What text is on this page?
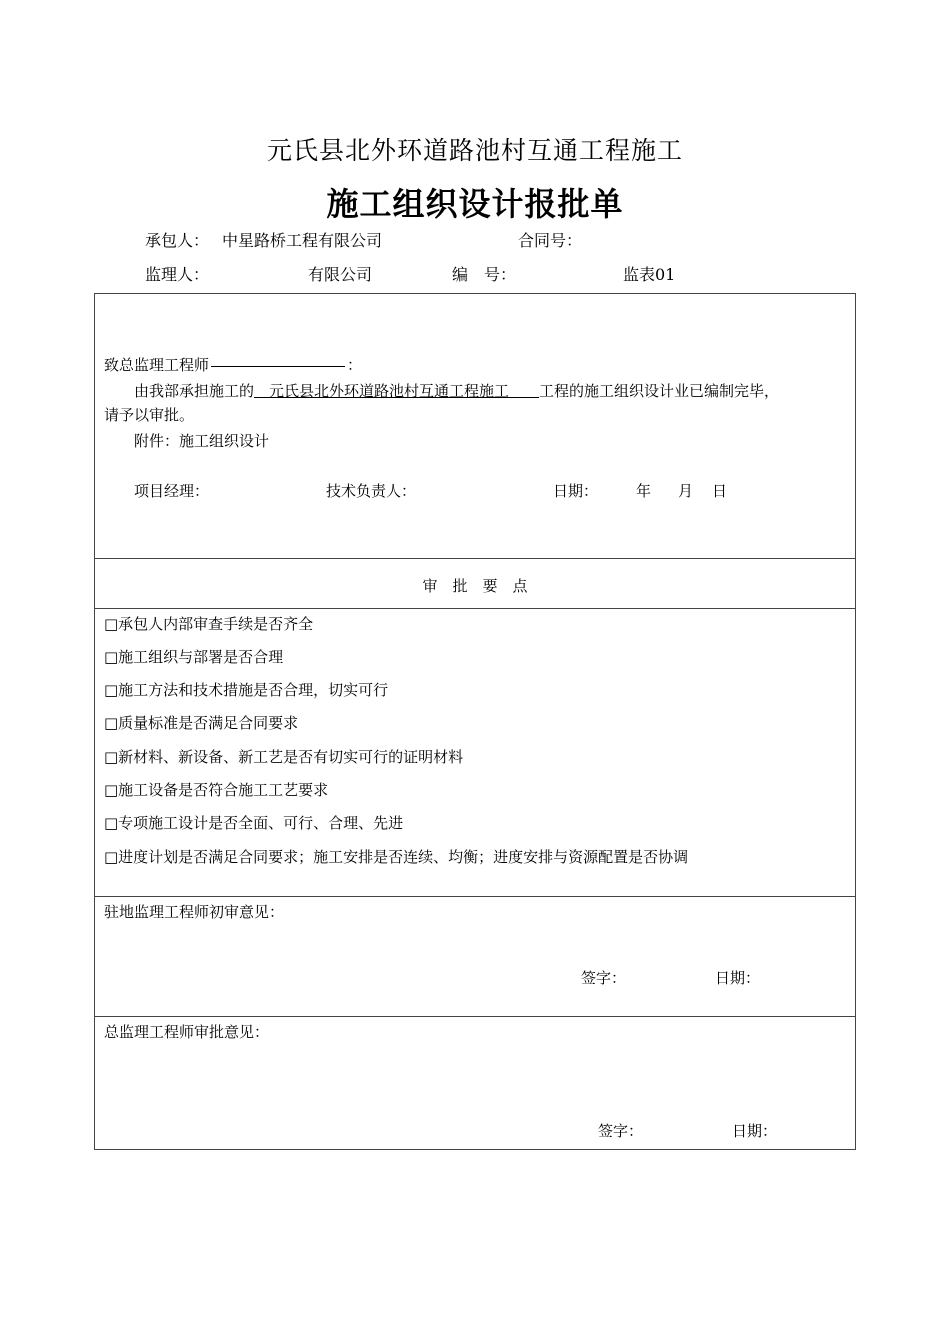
元氏县北外环道路池村互通工程施工
施工组织设计报批单
承包人： 中星路桥工程有限公司	合同号：
监理人：	有限公司	编　号：	监表01
致总监理工程师	：
由我部承担施工的   元氏县北外环道路池村互通工程施工     工程的施工组织设计业已编制完毕，
请予以审批。
附件：施工组织设计
项目经理：	技术负责人：	日期：	年 月 日
审　批　要　点
□承包人内部审查手续是否齐全
□施工组织与部署是否合理
□施工方法和技术措施是否合理，切实可行
□质量标准是否满足合同要求
□新材料、新设备、新工艺是否有切实可行的证明材料
□施工设备是否符合施工工艺要求
□专项施工设计是否全面、可行、合理、先进
□进度计划是否满足合同要求；施工安排是否连续、均衡；进度安排与资源配置是否协调
驻地监理工程师初审意见：
签字：	日期：
总监理工程师审批意见：
签字：	日期：
